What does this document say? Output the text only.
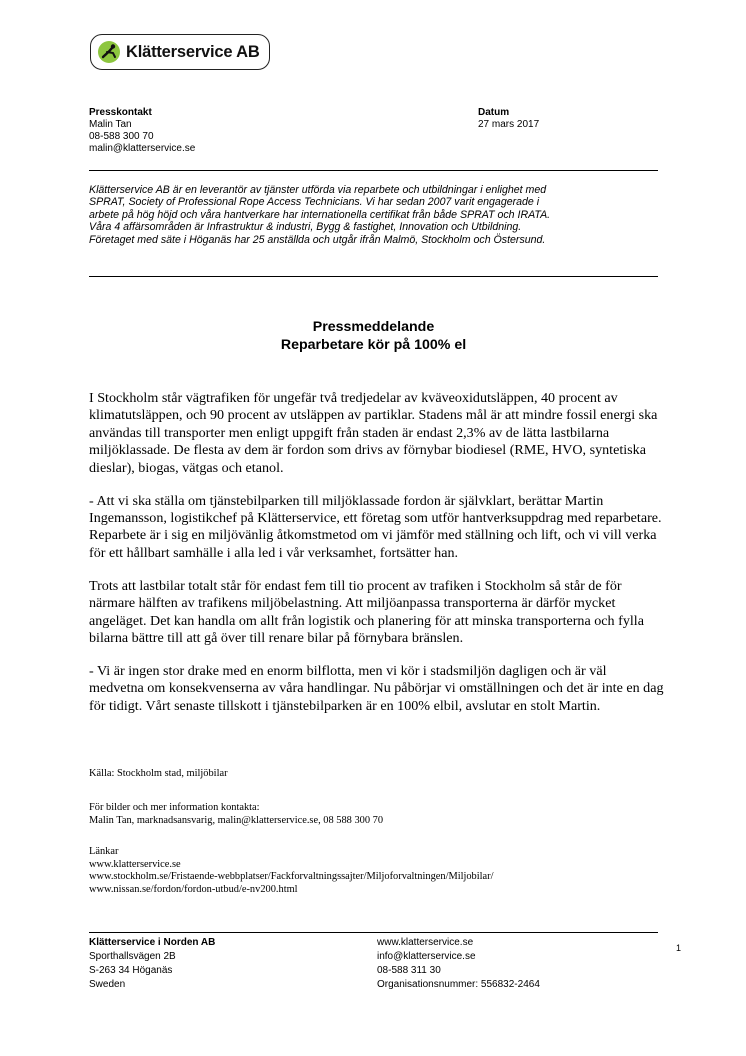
Klätterservice AB
Presskontakt
Malin Tan
08-588 300 70
malin@klatterservice.se
Datum
27 mars 2017
Klätterservice AB är en leverantör av tjänster utförda via reparbete och utbildningar i enlighet med
SPRAT, Society of Professional Rope Access Technicians. Vi har sedan 2007 varit engagerade i
arbete på hög höjd och våra hantverkare har internationella certifikat från både SPRAT och IRATA.
Våra 4 affärsområden är Infrastruktur & industri, Bygg & fastighet, Innovation och Utbildning.
Företaget med säte i Höganäs har 25 anställda och utgår ifrån Malmö, Stockholm och Östersund.
Pressmeddelande
Reparbetare kör på 100% el

I Stockholm står vägtrafiken för ungefär två tredjedelar av kväveoxidutsläppen, 40 procent av klimatutsläppen, och 90 procent av utsläppen av partiklar. Stadens mål är att mindre fossil energi ska användas till transporter men enligt uppgift från staden är endast 2,3% av de lätta lastbilarna miljöklassade. De flesta av dem är fordon som drivs av förnybar biodiesel (RME, HVO, syntetiska dieslar), biogas, vätgas och etanol.

- Att vi ska ställa om tjänstebilparken till miljöklassade fordon är självklart, berättar Martin Ingemansson, logistikchef på Klätterservice, ett företag som utför hantverksuppdrag med reparbetare. Reparbete är i sig en miljövänlig åtkomstmetod om vi jämför med ställning och lift, och vi vill verka för ett hållbart samhälle i alla led i vår verksamhet, fortsätter han.

Trots att lastbilar totalt står för endast fem till tio procent av trafiken i Stockholm så står de för närmare hälften av trafikens miljöbelastning. Att miljöanpassa transporterna är därför mycket angeläget. Det kan handla om allt från logistik och planering för att minska transporterna och fylla bilarna bättre till att gå över till renare bilar på förnybara bränslen.

- Vi är ingen stor drake med en enorm bilflotta, men vi kör i stadsmiljön dagligen och är väl medvetna om konsekvenserna av våra handlingar. Nu påbörjar vi omställningen och det är inte en dag för tidigt. Vårt senaste tillskott i tjänstebilparken är en 100% elbil, avslutar en stolt Martin.

Källa: Stockholm stad, miljöbilar

För bilder och mer information kontakta:

Malin Tan, marknadsansvarig, malin@klatterservice.se, 08 588 300 70

Länkar

www.klatterservice.se

www.stockholm.se/Fristaende-webbplatser/Fackforvaltningssajter/Miljoforvaltningen/Miljobilar/

www.nissan.se/fordon/fordon-utbud/e-nv200.html

Klätterservice i Norden AB
Sporthallsvägen 2B
S-263 34 Höganäs
Sweden
www.klatterservice.se
info@klatterservice.se
08-588 311 30
Organisationsnummer: 556832-2464
1
